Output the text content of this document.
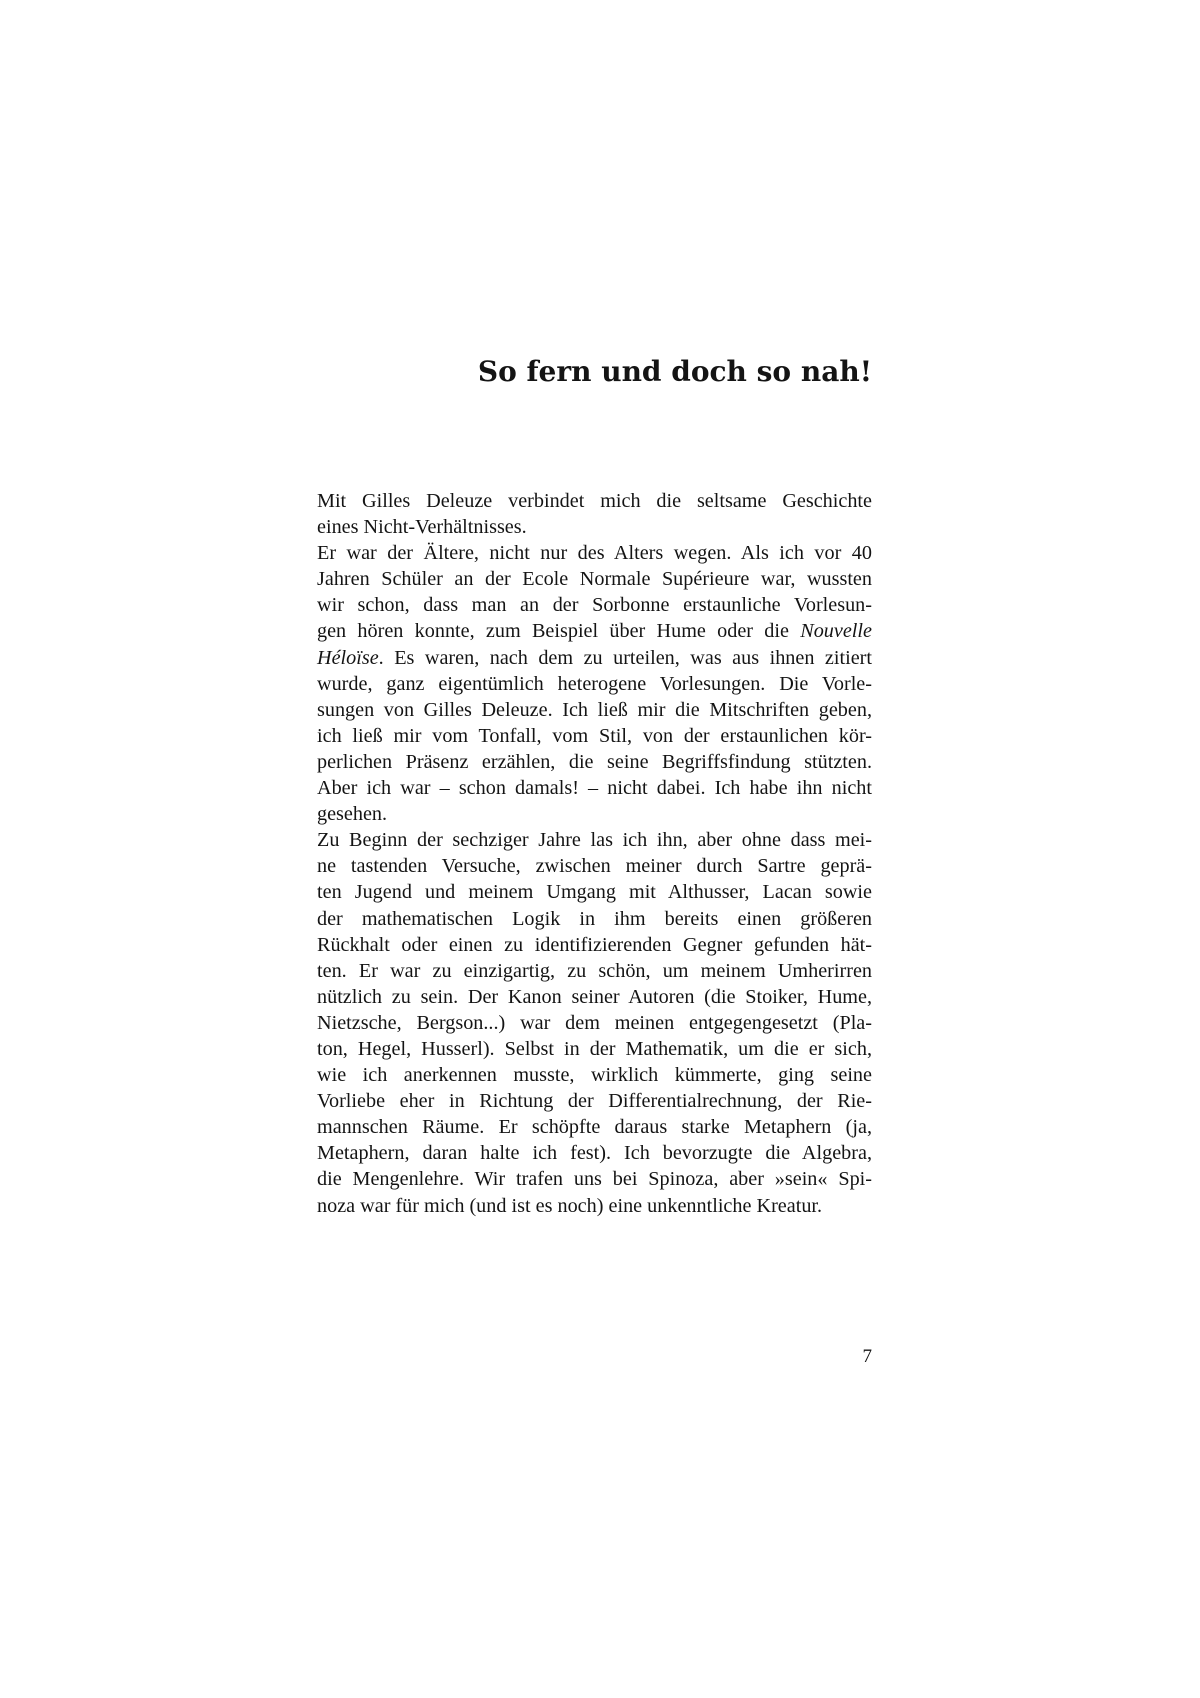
So fern und doch so nah!
Mit Gilles Deleuze verbindet mich die seltsame Geschichte
eines Nicht-Verhältnisses.
Er war der Ältere, nicht nur des Alters wegen. Als ich vor 40
Jahren Schüler an der Ecole Normale Supérieure war, wussten
wir schon, dass man an der Sorbonne erstaunliche Vorlesun-
gen hören konnte, zum Beispiel über Hume oder die Nouvelle
Héloïse. Es waren, nach dem zu urteilen, was aus ihnen zitiert
wurde, ganz eigentümlich heterogene Vorlesungen. Die Vorle-
sungen von Gilles Deleuze. Ich ließ mir die Mitschriften geben,
ich ließ mir vom Tonfall, vom Stil, von der erstaunlichen kör-
perlichen Präsenz erzählen, die seine Begriffsfindung stützten.
Aber ich war – schon damals! – nicht dabei. Ich habe ihn nicht
gesehen.
Zu Beginn der sechziger Jahre las ich ihn, aber ohne dass mei-
ne tastenden Versuche, zwischen meiner durch Sartre geprä-
ten Jugend und meinem Umgang mit Althusser, Lacan sowie
der mathematischen Logik in ihm bereits einen größeren
Rückhalt oder einen zu identifizierenden Gegner gefunden hät-
ten. Er war zu einzigartig, zu schön, um meinem Umherirren
nützlich zu sein. Der Kanon seiner Autoren (die Stoiker, Hume,
Nietzsche, Bergson...) war dem meinen entgegengesetzt (Pla-
ton, Hegel, Husserl). Selbst in der Mathematik, um die er sich,
wie ich anerkennen musste, wirklich kümmerte, ging seine
Vorliebe eher in Richtung der Differentialrechnung, der Rie-
mannschen Räume. Er schöpfte daraus starke Metaphern (ja,
Metaphern, daran halte ich fest). Ich bevorzugte die Algebra,
die Mengenlehre. Wir trafen uns bei Spinoza, aber »sein« Spi-
noza war für mich (und ist es noch) eine unkenntliche Kreatur.
7
